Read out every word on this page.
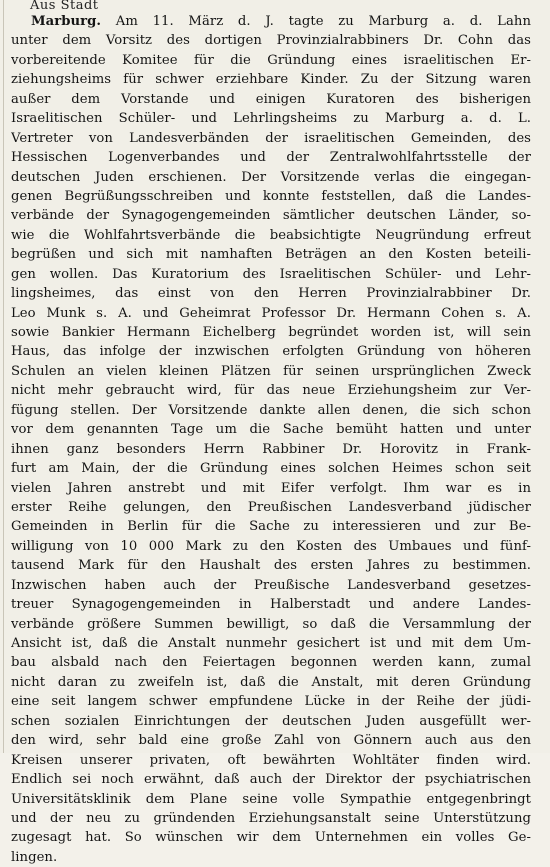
Aus Stadt
Marburg. Am 11. März d. J. tagte zu Marburg a. d. Lahn
unter dem Vorsitz des dortigen Provinzialrabbiners Dr. Cohn das
vorbereitende Komitee für die Gründung eines israelitischen Er-
ziehungsheims für schwer erziehbare Kinder. Zu der Sitzung waren
außer dem Vorstande und einigen Kuratoren des bisherigen
Israelitischen Schüler- und Lehrlingsheims zu Marburg a. d. L.
Vertreter von Landesverbänden der israelitischen Gemeinden, des
Hessischen Logenverbandes und der Zentralwohlfahrtsstelle der
deutschen Juden erschienen. Der Vorsitzende verlas die eingegan-
genen Begrüßungsschreiben und konnte feststellen, daß die Landes-
verbände der Synagogengemeinden sämtlicher deutschen Länder, so-
wie die Wohlfahrtsverbände die beabsichtigte Neugründung erfreut
begrüßen und sich mit namhaften Beträgen an den Kosten beteili-
gen wollen. Das Kuratorium des Israelitischen Schüler- und Lehr-
lingsheimes, das einst von den Herren Provinzialrabbiner Dr.
Leo Munk s. A. und Geheimrat Professor Dr. Hermann Cohen s. A.
sowie Bankier Hermann Eichelberg begründet worden ist, will sein
Haus, das infolge der inzwischen erfolgten Gründung von höheren
Schulen an vielen kleinen Plätzen für seinen ursprünglichen Zweck
nicht mehr gebraucht wird, für das neue Erziehungsheim zur Ver-
fügung stellen. Der Vorsitzende dankte allen denen, die sich schon
vor dem genannten Tage um die Sache bemüht hatten und unter
ihnen ganz besonders Herrn Rabbiner Dr. Horovitz in Frank-
furt am Main, der die Gründung eines solchen Heimes schon seit
vielen Jahren anstrebt und mit Eifer verfolgt. Ihm war es in
erster Reihe gelungen, den Preußischen Landesverband jüdischer
Gemeinden in Berlin für die Sache zu interessieren und zur Be-
willigung von 10 000 Mark zu den Kosten des Umbaues und fünf-
tausend Mark für den Haushalt des ersten Jahres zu bestimmen.
Inzwischen haben auch der Preußische Landesverband gesetzes-
treuer Synagogengemeinden in Halberstadt und andere Landes-
verbände größere Summen bewilligt, so daß die Versammlung der
Ansicht ist, daß die Anstalt nunmehr gesichert ist und mit dem Um-
bau alsbald nach den Feiertagen begonnen werden kann, zumal
nicht daran zu zweifeln ist, daß die Anstalt, mit deren Gründung
eine seit langem schwer empfundene Lücke in der Reihe der jüdi-
schen sozialen Einrichtungen der deutschen Juden ausgefüllt wer-
den wird, sehr bald eine große Zahl von Gönnern auch aus den
Kreisen unserer privaten, oft bewährten Wohltäter finden wird.
Endlich sei noch erwähnt, daß auch der Direktor der psychiatrischen
Universitätsklinik dem Plane seine volle Sympathie entgegenbringt
und der neu zu gründenden Erziehungsanstalt seine Unterstützung
zugesagt hat. So wünschen wir dem Unternehmen ein volles Ge-
lingen.
